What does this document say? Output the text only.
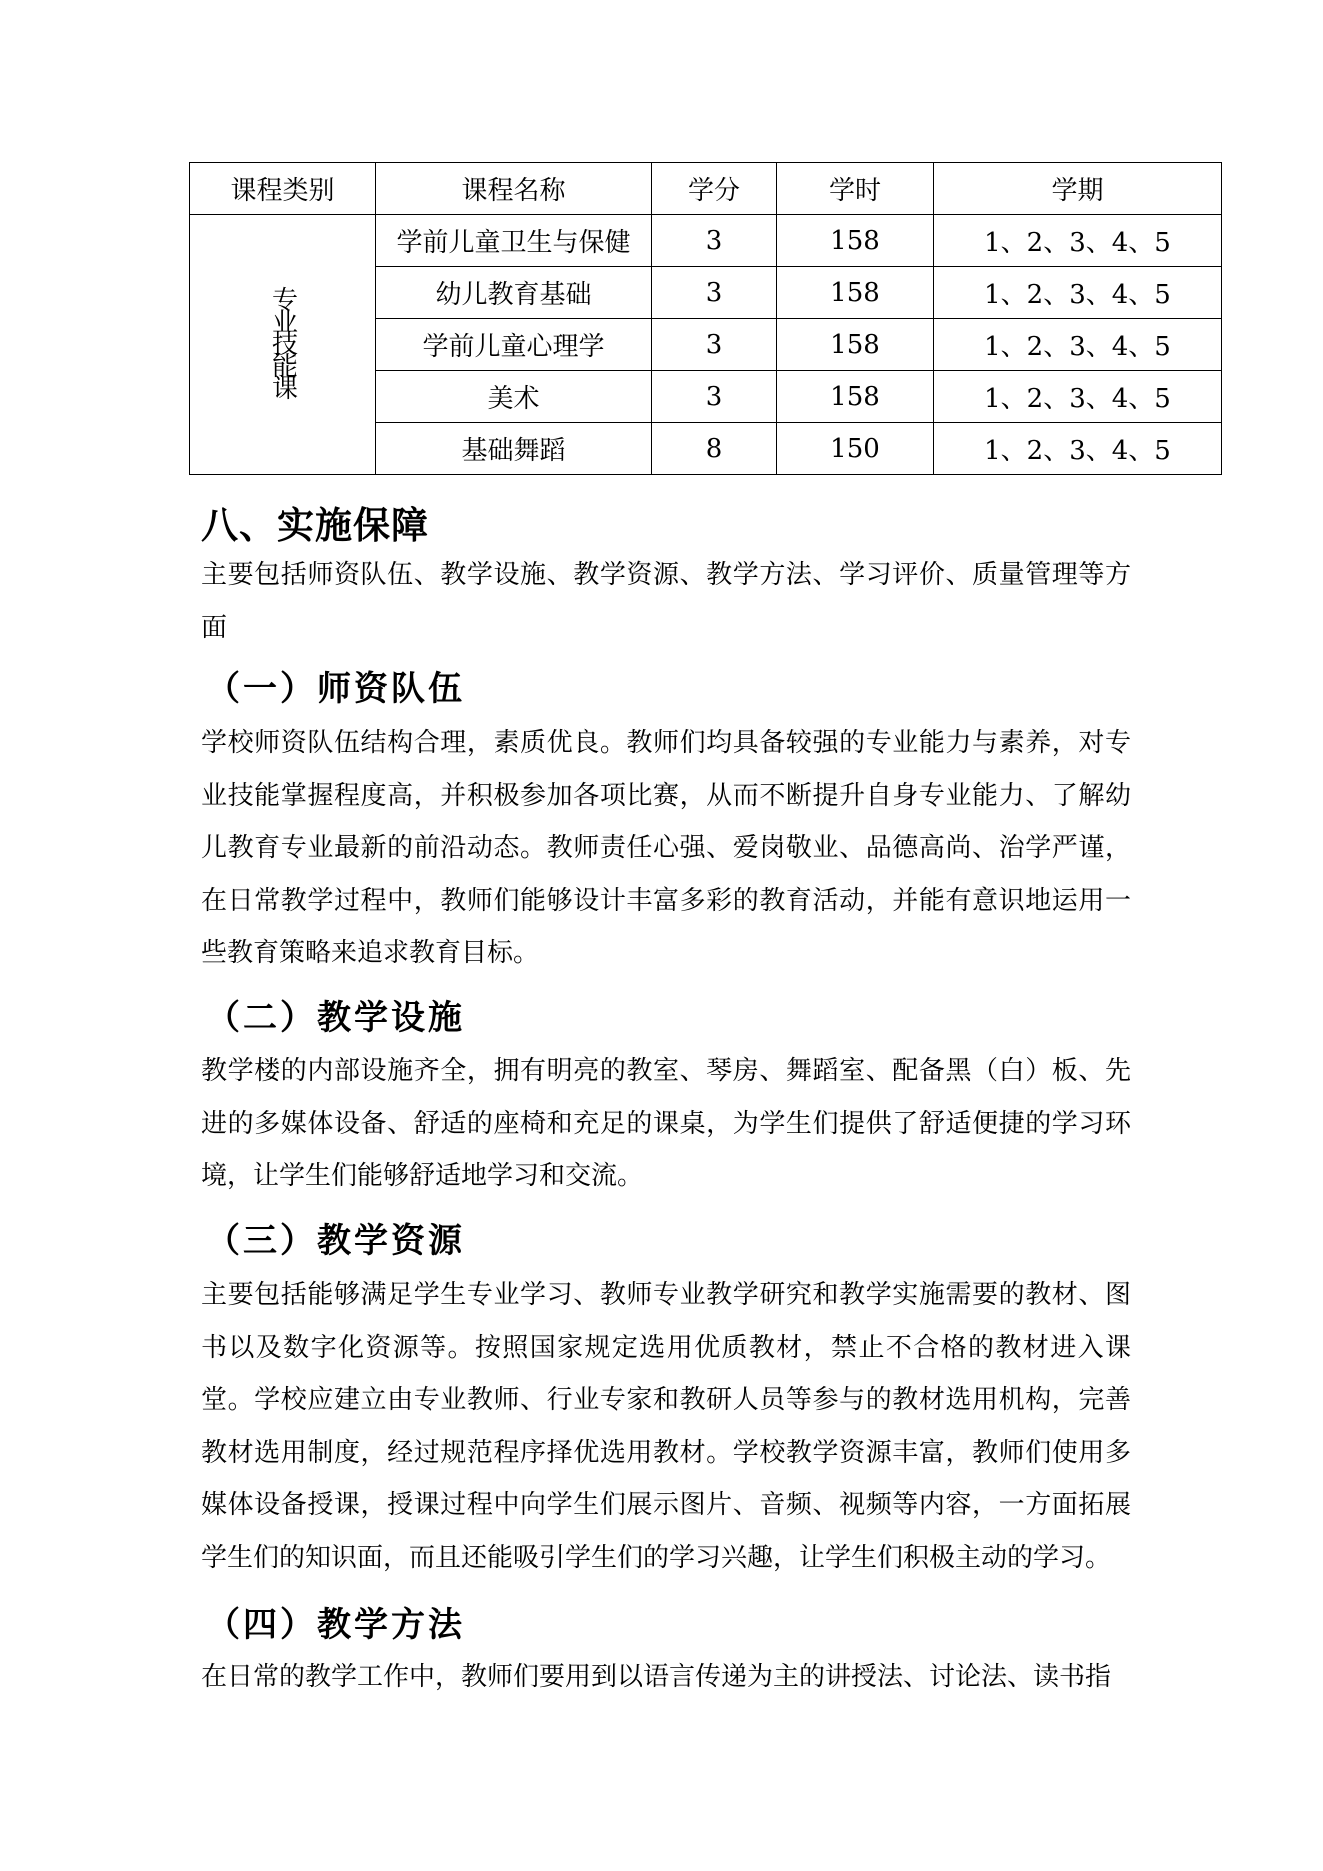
课程类别	课程名称	学分	学时	学期
专业技能课	学前儿童卫生与保健	3	158	1、2、3、4、5
	幼儿教育基础	3	158	1、2、3、4、5
	学前儿童心理学	3	158	1、2、3、4、5
	美术	3	158	1、2、3、4、5
	基础舞蹈	8	150	1、2、3、4、5
八、实施保障

主要包括师资队伍、教学设施、教学资源、教学方法、学习评价、质量管理等方面

（一）师资队伍

学校师资队伍结构合理，素质优良。教师们均具备较强的专业能力与素养，对专业技能掌握程度高，并积极参加各项比赛，从而不断提升自身专业能力、了解幼儿教育专业最新的前沿动态。教师责任心强、爱岗敬业、品德高尚、治学严谨，在日常教学过程中，教师们能够设计丰富多彩的教育活动，并能有意识地运用一些教育策略来追求教育目标。

（二）教学设施

教学楼的内部设施齐全，拥有明亮的教室、琴房、舞蹈室、配备黑（白）板、先进的多媒体设备、舒适的座椅和充足的课桌，为学生们提供了舒适便捷的学习环境，让学生们能够舒适地学习和交流。

（三）教学资源

主要包括能够满足学生专业学习、教师专业教学研究和教学实施需要的教材、图书以及数字化资源等。按照国家规定选用优质教材，禁止不合格的教材进入课堂。学校应建立由专业教师、行业专家和教研人员等参与的教材选用机构，完善教材选用制度，经过规范程序择优选用教材。学校教学资源丰富，教师们使用多媒体设备授课，授课过程中向学生们展示图片、音频、视频等内容，一方面拓展学生们的知识面，而且还能吸引学生们的学习兴趣，让学生们积极主动的学习。

（四）教学方法

在日常的教学工作中，教师们要用到以语言传递为主的讲授法、讨论法、读书指
